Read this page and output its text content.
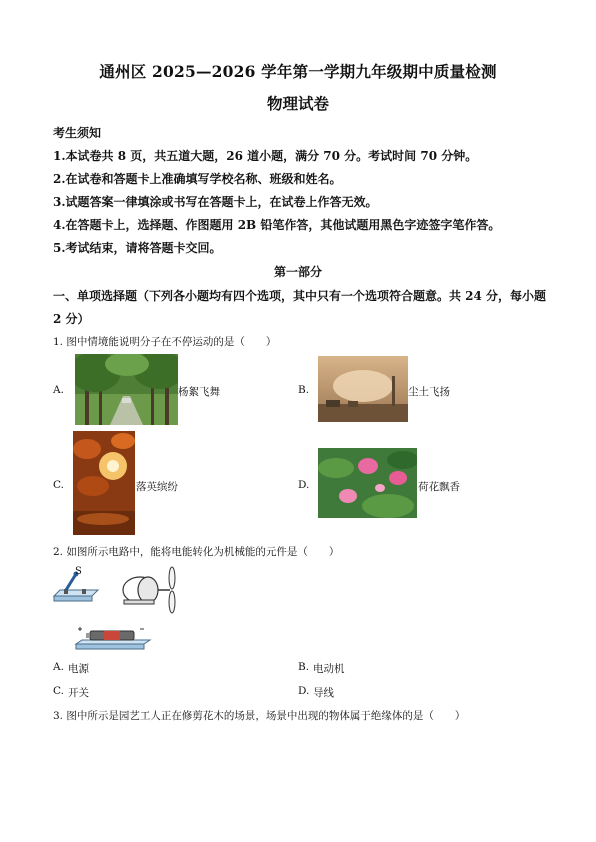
通州区 2025—2026 学年第一学期九年级期中质量检测
物理试卷
考生须知
1.本试卷共 8 页，共五道大题，26 道小题，满分 70 分。考试时间 70 分钟。
2.在试卷和答题卡上准确填写学校名称、班级和姓名。
3.试题答案一律填涂或书写在答题卡上，在试卷上作答无效。
4.在答题卡上，选择题、作图题用 2B 铅笔作答，其他试题用黑色字迹签字笔作答。
5.考试结束，请将答题卡交回。
第一部分
一、单项选择题（下列各小题均有四个选项，其中只有一个选项符合题意。共 24 分，每小题
2 分）
1. 图中情境能说明分子在不停运动的是（　　）
A.	杨絮飞舞	B.	尘土飞扬
C.	落英缤纷	D.	荷花飘香
2. 如图所示电路中，能将电能转化为机械能的元件是（　　）
S
A. 电源	B. 电动机
C. 开关	D. 导线
3. 图中所示是园艺工人正在修剪花木的场景，场景中出现的物体属于绝缘体的是（　　）
